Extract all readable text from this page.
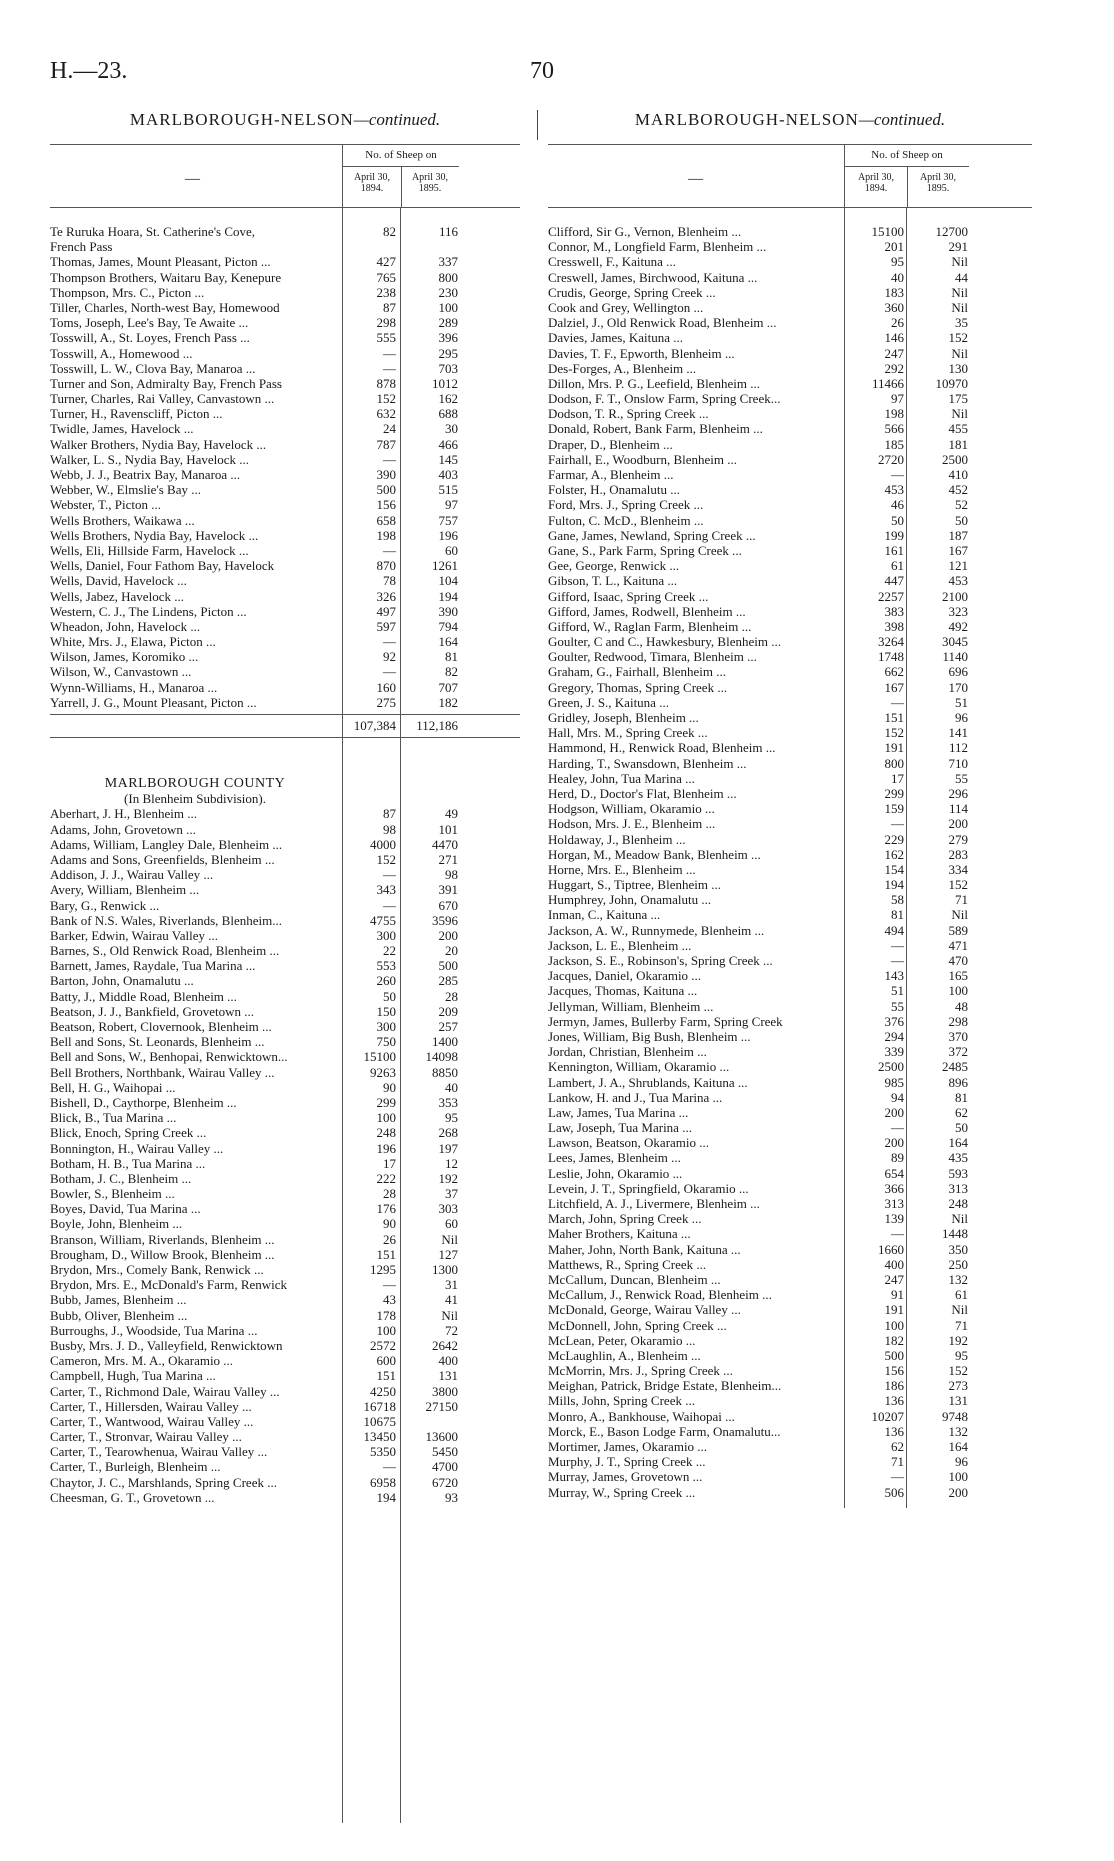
H.—23.	70
MARLBOROUGH-NELSON—continued.
—
No. of Sheep on
April 30, 1894.
April 30, 1895.
Te Ruruka Hoara, St. Catherine's Cove,	82	116
French Pass
Thomas, James, Mount Pleasant, Picton ...	427	337
Thompson Brothers, Waitaru Bay, Kenepure	765	800
Thompson, Mrs. C., Picton ...	238	230
Tiller, Charles, North-west Bay, Homewood	87	100
Toms, Joseph, Lee's Bay, Te Awaite ...	298	289
Tosswill, A., St. Loyes, French Pass ...	555	396
Tosswill, A., Homewood ...	—	295
Tosswill, L. W., Clova Bay, Manaroa ...	—	703
Turner and Son, Admiralty Bay, French Pass	878	1012
Turner, Charles, Rai Valley, Canvastown ...	152	162
Turner, H., Ravenscliff, Picton ...	632	688
Twidle, James, Havelock ...	24	30
Walker Brothers, Nydia Bay, Havelock ...	787	466
Walker, L. S., Nydia Bay, Havelock ...	—	145
Webb, J. J., Beatrix Bay, Manaroa ...	390	403
Webber, W., Elmslie's Bay ...	500	515
Webster, T., Picton ...	156	97
Wells Brothers, Waikawa ...	658	757
Wells Brothers, Nydia Bay, Havelock ...	198	196
Wells, Eli, Hillside Farm, Havelock ...	—	60
Wells, Daniel, Four Fathom Bay, Havelock	870	1261
Wells, David, Havelock ...	78	104
Wells, Jabez, Havelock ...	326	194
Western, C. J., The Lindens, Picton ...	497	390
Wheadon, John, Havelock ...	597	794
White, Mrs. J., Elawa, Picton ...	—	164
Wilson, James, Koromiko ...	92	81
Wilson, W., Canvastown ...	—	82
Wynn-Williams, H., Manaroa ...	160	707
Yarrell, J. G., Mount Pleasant, Picton ...	275	182
107,384	112,186
MARLBOROUGH COUNTY
(In Blenheim Subdivision).
Aberhart, J. H., Blenheim ...	87	49
Adams, John, Grovetown ...	98	101
Adams, William, Langley Dale, Blenheim ...	4000	4470
Adams and Sons, Greenfields, Blenheim ...	152	271
Addison, J. J., Wairau Valley ...	—	98
Avery, William, Blenheim ...	343	391
Bary, G., Renwick ...	—	670
Bank of N.S. Wales, Riverlands, Blenheim...	4755	3596
Barker, Edwin, Wairau Valley ...	300	200
Barnes, S., Old Renwick Road, Blenheim ...	22	20
Barnett, James, Raydale, Tua Marina ...	553	500
Barton, John, Onamalutu ...	260	285
Batty, J., Middle Road, Blenheim ...	50	28
Beatson, J. J., Bankfield, Grovetown ...	150	209
Beatson, Robert, Clovernook, Blenheim ...	300	257
Bell and Sons, St. Leonards, Blenheim ...	750	1400
Bell and Sons, W., Benhopai, Renwicktown...	15100	14098
Bell Brothers, Northbank, Wairau Valley ...	9263	8850
Bell, H. G., Waihopai ...	90	40
Bishell, D., Caythorpe, Blenheim ...	299	353
Blick, B., Tua Marina ...	100	95
Blick, Enoch, Spring Creek ...	248	268
Bonnington, H., Wairau Valley ...	196	197
Botham, H. B., Tua Marina ...	17	12
Botham, J. C., Blenheim ...	222	192
Bowler, S., Blenheim ...	28	37
Boyes, David, Tua Marina ...	176	303
Boyle, John, Blenheim ...	90	60
Branson, William, Riverlands, Blenheim ...	26	Nil
Brougham, D., Willow Brook, Blenheim ...	151	127
Brydon, Mrs., Comely Bank, Renwick ...	1295	1300
Brydon, Mrs. E., McDonald's Farm, Renwick	—	31
Bubb, James, Blenheim ...	43	41
Bubb, Oliver, Blenheim ...	178	Nil
Burroughs, J., Woodside, Tua Marina ...	100	72
Busby, Mrs. J. D., Valleyfield, Renwicktown	2572	2642
Cameron, Mrs. M. A., Okaramio ...	600	400
Campbell, Hugh, Tua Marina ...	151	131
Carter, T., Richmond Dale, Wairau Valley ...	4250	3800
Carter, T., Hillersden, Wairau Valley ...	16718	27150
Carter, T., Wantwood, Wairau Valley ...	10675
Carter, T., Stronvar, Wairau Valley ...	13450	13600
Carter, T., Tearowhenua, Wairau Valley ...	5350	5450
Carter, T., Burleigh, Blenheim ...	—	4700
Chaytor, J. C., Marshlands, Spring Creek ...	6958	6720
Cheesman, G. T., Grovetown ...	194	93
MARLBOROUGH-NELSON—continued.
—
No. of Sheep on
April 30, 1894.
April 30, 1895.
Clifford, Sir G., Vernon, Blenheim ...	15100	12700
Connor, M., Longfield Farm, Blenheim ...	201	291
Cresswell, F., Kaituna ...	95	Nil
Creswell, James, Birchwood, Kaituna ...	40	44
Crudis, George, Spring Creek ...	183	Nil
Cook and Grey, Wellington ...	360	Nil
Dalziel, J., Old Renwick Road, Blenheim ...	26	35
Davies, James, Kaituna ...	146	152
Davies, T. F., Epworth, Blenheim ...	247	Nil
Des-Forges, A., Blenheim ...	292	130
Dillon, Mrs. P. G., Leefield, Blenheim ...	11466	10970
Dodson, F. T., Onslow Farm, Spring Creek...	97	175
Dodson, T. R., Spring Creek ...	198	Nil
Donald, Robert, Bank Farm, Blenheim ...	566	455
Draper, D., Blenheim ...	185	181
Fairhall, E., Woodburn, Blenheim ...	2720	2500
Farmar, A., Blenheim ...	—	410
Folster, H., Onamalutu ...	453	452
Ford, Mrs. J., Spring Creek ...	46	52
Fulton, C. McD., Blenheim ...	50	50
Gane, James, Newland, Spring Creek ...	199	187
Gane, S., Park Farm, Spring Creek ...	161	167
Gee, George, Renwick ...	61	121
Gibson, T. L., Kaituna ...	447	453
Gifford, Isaac, Spring Creek ...	2257	2100
Gifford, James, Rodwell, Blenheim ...	383	323
Gifford, W., Raglan Farm, Blenheim ...	398	492
Goulter, C and C., Hawkesbury, Blenheim ...	3264	3045
Goulter, Redwood, Timara, Blenheim ...	1748	1140
Graham, G., Fairhall, Blenheim ...	662	696
Gregory, Thomas, Spring Creek ...	167	170
Green, J. S., Kaituna ...	—	51
Gridley, Joseph, Blenheim ...	151	96
Hall, Mrs. M., Spring Creek ...	152	141
Hammond, H., Renwick Road, Blenheim ...	191	112
Harding, T., Swansdown, Blenheim ...	800	710
Healey, John, Tua Marina ...	17	55
Herd, D., Doctor's Flat, Blenheim ...	299	296
Hodgson, William, Okaramio ...	159	114
Hodson, Mrs. J. E., Blenheim ...	—	200
Holdaway, J., Blenheim ...	229	279
Horgan, M., Meadow Bank, Blenheim ...	162	283
Horne, Mrs. E., Blenheim ...	154	334
Huggart, S., Tiptree, Blenheim ...	194	152
Humphrey, John, Onamalutu ...	58	71
Inman, C., Kaituna ...	81	Nil
Jackson, A. W., Runnymede, Blenheim ...	494	589
Jackson, L. E., Blenheim ...	—	471
Jackson, S. E., Robinson's, Spring Creek ...	—	470
Jacques, Daniel, Okaramio ...	143	165
Jacques, Thomas, Kaituna ...	51	100
Jellyman, William, Blenheim ...	55	48
Jermyn, James, Bullerby Farm, Spring Creek	376	298
Jones, William, Big Bush, Blenheim ...	294	370
Jordan, Christian, Blenheim ...	339	372
Kennington, William, Okaramio ...	2500	2485
Lambert, J. A., Shrublands, Kaituna ...	985	896
Lankow, H. and J., Tua Marina ...	94	81
Law, James, Tua Marina ...	200	62
Law, Joseph, Tua Marina ...	—	50
Lawson, Beatson, Okaramio ...	200	164
Lees, James, Blenheim ...	89	435
Leslie, John, Okaramio ...	654	593
Levein, J. T., Springfield, Okaramio ...	366	313
Litchfield, A. J., Livermere, Blenheim ...	313	248
March, John, Spring Creek ...	139	Nil
Maher Brothers, Kaituna ...	—	1448
Maher, John, North Bank, Kaituna ...	1660	350
Matthews, R., Spring Creek ...	400	250
McCallum, Duncan, Blenheim ...	247	132
McCallum, J., Renwick Road, Blenheim ...	91	61
McDonald, George, Wairau Valley ...	191	Nil
McDonnell, John, Spring Creek ...	100	71
McLean, Peter, Okaramio ...	182	192
McLaughlin, A., Blenheim ...	500	95
McMorrin, Mrs. J., Spring Creek ...	156	152
Meighan, Patrick, Bridge Estate, Blenheim...	186	273
Mills, John, Spring Creek ...	136	131
Monro, A., Bankhouse, Waihopai ...	10207	9748
Morck, E., Bason Lodge Farm, Onamalutu...	136	132
Mortimer, James, Okaramio ...	62	164
Murphy, J. T., Spring Creek ...	71	96
Murray, James, Grovetown ...	—	100
Murray, W., Spring Creek ...	506	200
